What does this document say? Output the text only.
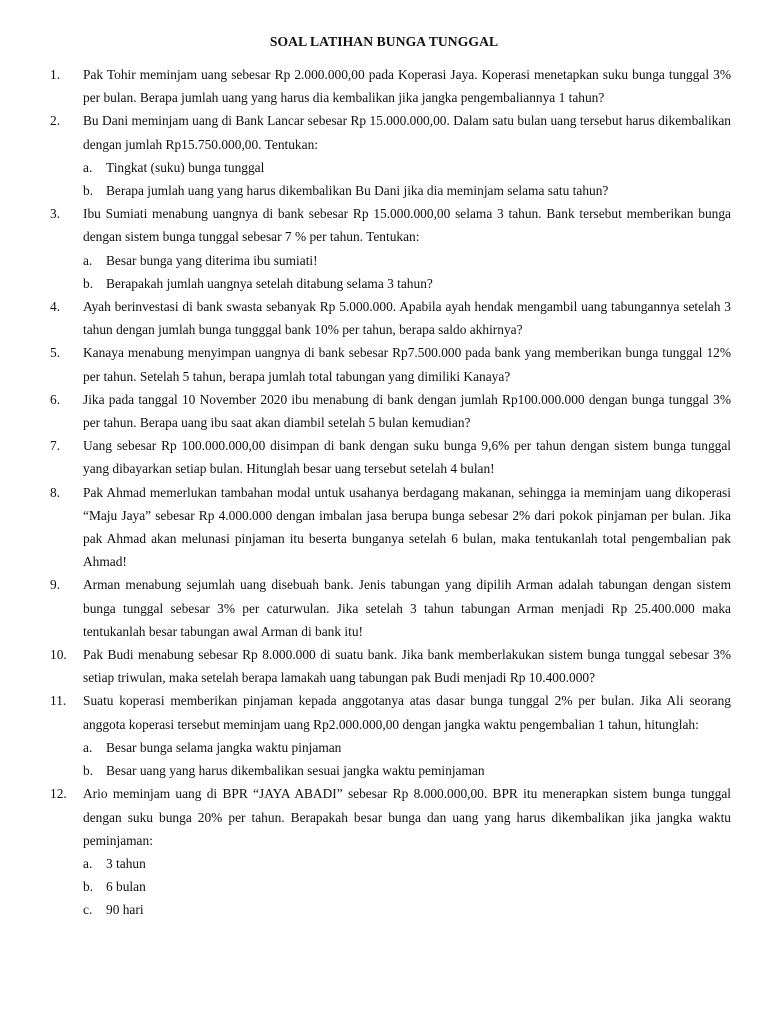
SOAL LATIHAN BUNGA TUNGGAL
1.	Pak Tohir meminjam uang sebesar Rp 2.000.000,00 pada Koperasi Jaya. Koperasi menetapkan suku bunga tunggal 3% per bulan. Berapa jumlah uang yang harus dia kembalikan jika jangka pengembaliannya 1 tahun?
2.	Bu Dani meminjam uang di Bank Lancar sebesar Rp 15.000.000,00. Dalam satu bulan uang tersebut harus dikembalikan dengan jumlah Rp15.750.000,00. Tentukan:
a.	Tingkat (suku) bunga tunggal
b. Berapa jumlah uang yang harus dikembalikan Bu Dani jika dia meminjam selama satu tahun?
3.	Ibu Sumiati menabung uangnya di bank sebesar Rp 15.000.000,00 selama 3 tahun. Bank tersebut memberikan bunga dengan sistem bunga tunggal sebesar 7 % per tahun. Tentukan:
a.	Besar bunga yang diterima ibu sumiati!
b. Berapakah jumlah uangnya setelah ditabung selama 3 tahun?
4.	Ayah berinvestasi di bank swasta sebanyak Rp 5.000.000. Apabila ayah hendak mengambil uang tabungannya setelah 3 tahun dengan jumlah bunga tungggal bank 10% per tahun, berapa saldo akhirnya?
5.	Kanaya menabung menyimpan uangnya di bank sebesar Rp7.500.000 pada bank yang memberikan bunga tunggal 12% per tahun. Setelah 5 tahun, berapa jumlah total tabungan yang dimiliki Kanaya?
6.	Jika pada tanggal 10 November 2020 ibu menabung di bank dengan jumlah Rp100.000.000 dengan bunga tunggal 3% per tahun. Berapa uang ibu saat akan diambil setelah 5 bulan kemudian?
7.	Uang sebesar Rp 100.000.000,00 disimpan di bank dengan suku bunga 9,6% per tahun dengan sistem bunga tunggal yang dibayarkan setiap bulan. Hitunglah besar uang tersebut setelah 4 bulan!
8.	Pak Ahmad memerlukan tambahan modal untuk usahanya berdagang makanan, sehingga ia meminjam uang dikoperasi “Maju Jaya” sebesar Rp 4.000.000 dengan imbalan jasa berupa bunga sebesar 2% dari pokok pinjaman per bulan. Jika pak Ahmad akan melunasi pinjaman itu beserta bunganya setelah 6 bulan, maka tentukanlah total pengembalian pak Ahmad!
9.	Arman menabung sejumlah uang disebuah bank. Jenis tabungan yang dipilih Arman adalah tabungan dengan sistem bunga tunggal sebesar 3% per caturwulan. Jika setelah 3 tahun tabungan Arman menjadi Rp 25.400.000 maka tentukanlah besar tabungan awal Arman di bank itu!
10.	Pak Budi menabung sebesar Rp 8.000.000 di suatu bank. Jika bank memberlakukan sistem bunga tunggal sebesar 3% setiap triwulan, maka setelah berapa lamakah uang tabungan pak Budi menjadi Rp 10.400.000?
11.	Suatu koperasi memberikan pinjaman kepada anggotanya atas dasar bunga tunggal 2% per bulan. Jika Ali seorang anggota koperasi tersebut meminjam uang Rp2.000.000,00 dengan jangka waktu pengembalian 1 tahun, hitunglah:
a.	Besar bunga selama jangka waktu pinjaman
b. Besar uang yang harus dikembalikan sesuai jangka waktu peminjaman
12.	Ario meminjam uang di BPR “JAYA ABADI” sebesar Rp 8.000.000,00. BPR itu menerapkan sistem bunga tunggal dengan suku bunga 20% per tahun. Berapakah besar bunga dan uang yang harus dikembalikan jika jangka waktu peminjaman:
a.	3 tahun
b. 6 bulan
c.	90 hari
